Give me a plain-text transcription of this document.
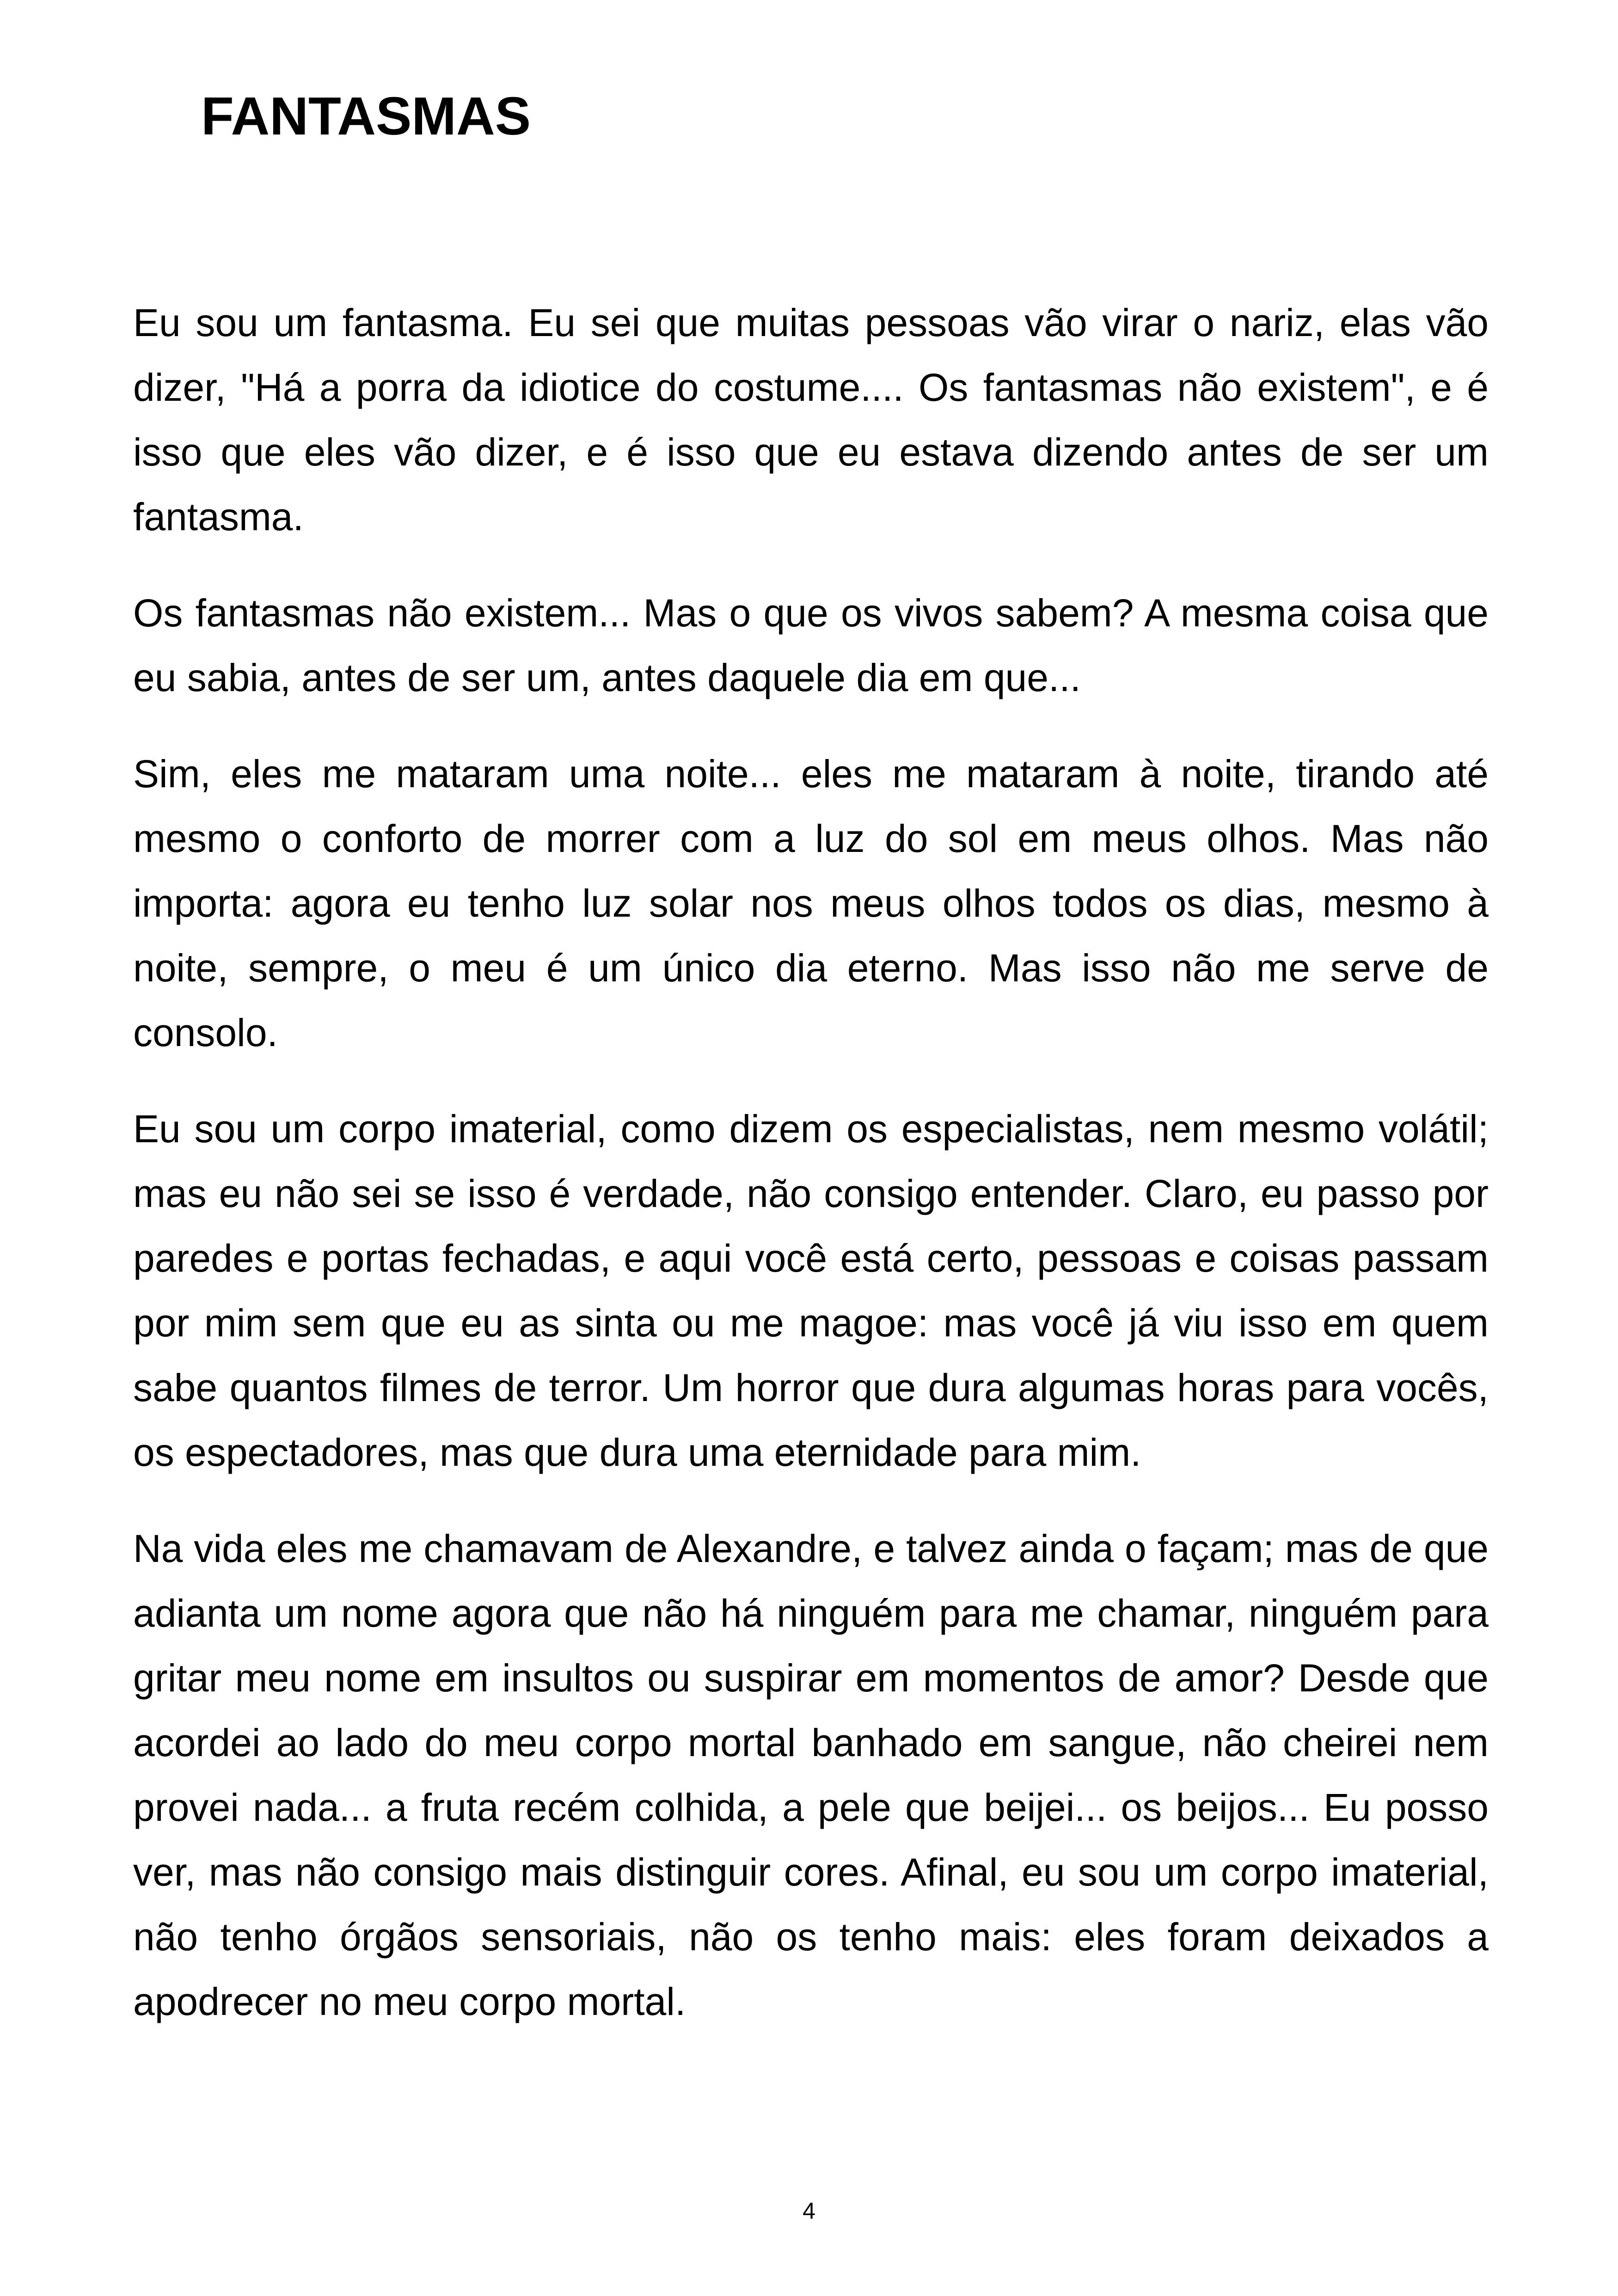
FANTASMAS

Eu sou um fantasma. Eu sei que muitas pessoas vão virar o nariz, elas vão dizer, "Há a porra da idiotice do costume.... Os fantasmas não existem", e é isso que eles vão dizer, e é isso que eu estava dizendo antes de ser um fantasma.

Os fantasmas não existem... Mas o que os vivos sabem? A mesma coisa que eu sabia, antes de ser um, antes daquele dia em que...

Sim, eles me mataram uma noite... eles me mataram à noite, tirando até mesmo o conforto de morrer com a luz do sol em meus olhos. Mas não importa: agora eu tenho luz solar nos meus olhos todos os dias, mesmo à noite, sempre, o meu é um único dia eterno. Mas isso não me serve de consolo.

Eu sou um corpo imaterial, como dizem os especialistas, nem mesmo volátil; mas eu não sei se isso é verdade, não consigo entender. Claro, eu passo por paredes e portas fechadas, e aqui você está certo, pessoas e coisas passam por mim sem que eu as sinta ou me magoe: mas você já viu isso em quem sabe quantos filmes de terror. Um horror que dura algumas horas para vocês, os espectadores, mas que dura uma eternidade para mim.

Na vida eles me chamavam de Alexandre, e talvez ainda o façam; mas de que adianta um nome agora que não há ninguém para me chamar, ninguém para gritar meu nome em insultos ou suspirar em momentos de amor? Desde que acordei ao lado do meu corpo mortal banhado em sangue, não cheirei nem provei nada... a fruta recém colhida, a pele que beijei... os beijos... Eu posso ver, mas não consigo mais distinguir cores. Afinal, eu sou um corpo imaterial, não tenho órgãos sensoriais, não os tenho mais: eles foram deixados a apodrecer no meu corpo mortal.

4
